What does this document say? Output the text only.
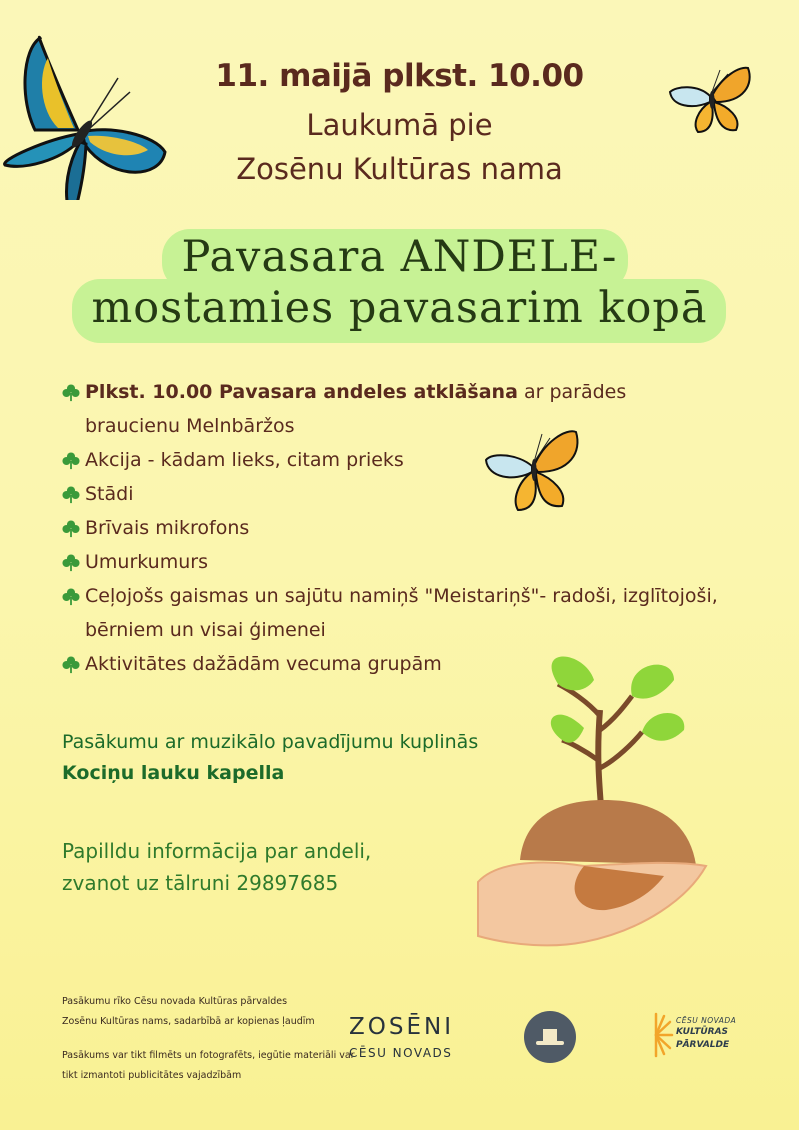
11. maijā plkst. 10.00
Laukumā pie
Zosēnu Kultūras nama
Pavasara ANDELE-
mostamies pavasarim kopā
Plkst. 10.00 Pavasara andeles atklāšana ar parādes
braucienu Melnbāržos
Akcija - kādam lieks, citam prieks
Stādi
Brīvais mikrofons
Umurkumurs
Ceļojošs gaismas un sajūtu namiņš "Meistariņš"- radoši, izglītojoši,
bērniem un visai ģimenei
Aktivitātes dažādām vecuma grupām
Pasākumu ar muzikālo pavadījumu kuplinās
Kociņu lauku kapella
Papilldu informācija par andeli,
zvanot uz tālruni 29897685
Pasākumu rīko Cēsu novada Kultūras pārvaldes
Zosēnu Kultūras nams, sadarbībā ar kopienas ļaudīm
Pasākums var tikt filmēts un fotografēts, iegūtie materiāli var
tikt izmantoti publicitātes vajadzībām
ZOSĒNI
CĒSU NOVADS
CĒSU NOVADA
KULTŪRAS
PĀRVALDE
